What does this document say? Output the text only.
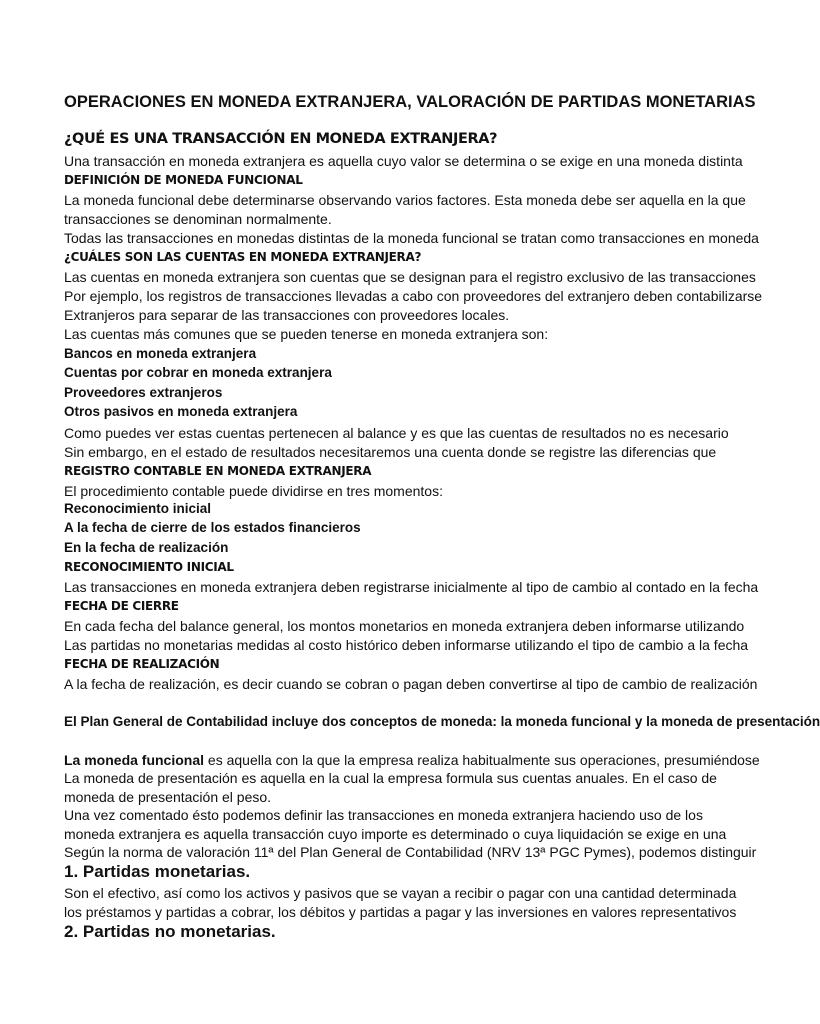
OPERACIONES EN MONEDA EXTRANJERA, VALORACIÓN DE PARTIDAS MONETARIAS
¿QUÉ ES UNA TRANSACCIÓN EN MONEDA EXTRANJERA?
Una transacción en moneda extranjera es aquella cuyo valor se determina o se exige en una moneda distinta
DEFINICIÓN DE MONEDA FUNCIONAL
La moneda funcional debe determinarse observando varios factores. Esta moneda debe ser aquella en la que
transacciones se denominan normalmente.
Todas las transacciones en monedas distintas de la moneda funcional se tratan como transacciones en moneda
¿CUÁLES SON LAS CUENTAS EN MONEDA EXTRANJERA?
Las cuentas en moneda extranjera son cuentas que se designan para el registro exclusivo de las transacciones
Por ejemplo, los registros de transacciones llevadas a cabo con proveedores del extranjero deben contabilizarse
Extranjeros para separar de las transacciones con proveedores locales.
Las cuentas más comunes que se pueden tenerse en moneda extranjera son:
Bancos en moneda extranjera
Cuentas por cobrar en moneda extranjera
Proveedores extranjeros
Otros pasivos en moneda extranjera
Como puedes ver estas cuentas pertenecen al balance y es que las cuentas de resultados no es necesario
Sin embargo, en el estado de resultados necesitaremos una cuenta donde se registre las diferencias que
REGISTRO CONTABLE EN MONEDA EXTRANJERA
El procedimiento contable puede dividirse en tres momentos:
Reconocimiento inicial
A la fecha de cierre de los estados financieros
En la fecha de realización
RECONOCIMIENTO INICIAL
Las transacciones en moneda extranjera deben registrarse inicialmente al tipo de cambio al contado en la fecha
FECHA DE CIERRE
En cada fecha del balance general, los montos monetarios en moneda extranjera deben informarse utilizando
Las partidas no monetarias medidas al costo histórico deben informarse utilizando el tipo de cambio a la fecha
FECHA DE REALIZACIÓN
A la fecha de realización, es decir cuando se cobran o pagan deben convertirse al tipo de cambio de realización
El Plan General de Contabilidad incluye dos conceptos de moneda: la moneda funcional y la moneda de presentación
La moneda funcional es aquella con la que la empresa realiza habitualmente sus operaciones, presumiéndose
La moneda de presentación es aquella en la cual la empresa formula sus cuentas anuales. En el caso de
moneda de presentación el peso.
Una vez comentado ésto podemos definir las transacciones en moneda extranjera haciendo uso de los
moneda extranjera es aquella transacción cuyo importe es determinado o cuya liquidación se exige en una
Según la norma de valoración 11ª del Plan General de Contabilidad (NRV 13ª PGC Pymes), podemos distinguir
1. Partidas monetarias.
Son el efectivo, así como los activos y pasivos que se vayan a recibir o pagar con una cantidad determinada
los préstamos y partidas a cobrar, los débitos y partidas a pagar y las inversiones en valores representativos
2. Partidas no monetarias.
